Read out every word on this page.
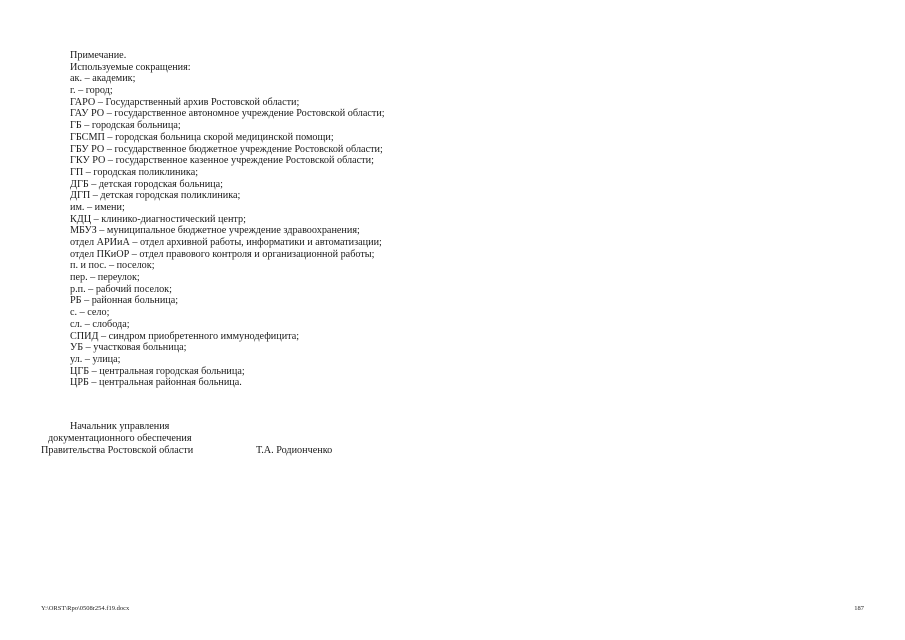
Примечание.
Используемые сокращения:
ак. – академик;
г. – город;
ГАРО – Государственный архив Ростовской области;
ГАУ РО – государственное автономное учреждение Ростовской области;
ГБ – городская больница;
ГБСМП – городская больница скорой медицинской помощи;
ГБУ РО – государственное бюджетное учреждение Ростовской области;
ГКУ РО – государственное казенное учреждение Ростовской области;
ГП – городская поликлиника;
ДГБ – детская городская больница;
ДГП – детская городская поликлиника;
им. – имени;
КДЦ – клинико-диагностический центр;
МБУЗ – муниципальное бюджетное учреждение здравоохранения;
отдел АРИиА – отдел архивной работы, информатики и автоматизации;
отдел ПКиОР – отдел правового контроля и организационной работы;
п. и пос. – поселок;
пер. – переулок;
р.п. – рабочий поселок;
РБ – районная больница;
с. – село;
сл. – слобода;
СПИД – синдром приобретенного иммунодефицита;
УБ – участковая больница;
ул. – улица;
ЦГБ – центральная городская больница;
ЦРБ – центральная районная больница.
Начальник управления
документационного обеспечения
Правительства Ростовской области	Т.А. Родионченко
Y:\ORST\Rpo\0508r254.f19.docx	187
